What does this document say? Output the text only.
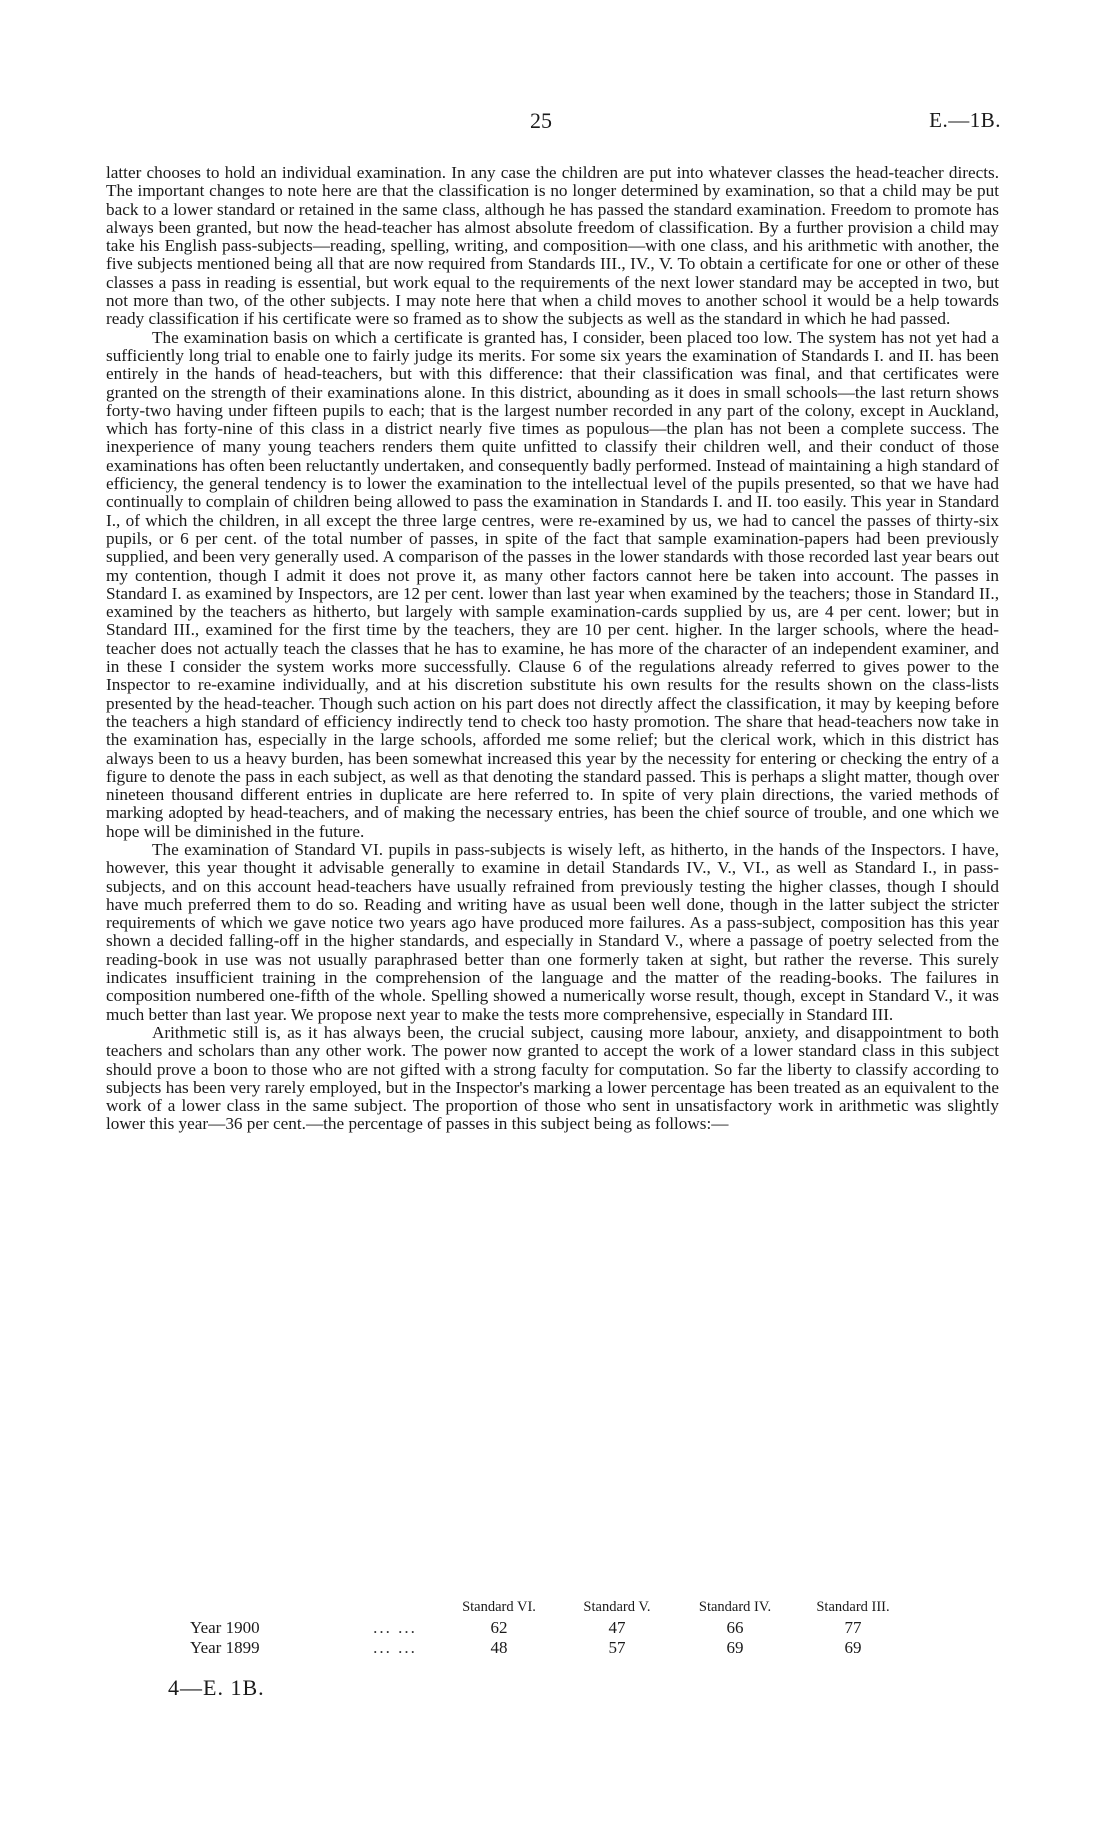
25	E.—1B.

latter chooses to hold an individual examination. In any case the children are put into whatever classes the head-teacher directs. The important changes to note here are that the classification is no longer determined by examination, so that a child may be put back to a lower standard or retained in the same class, although he has passed the standard examination. Freedom to promote has always been granted, but now the head-teacher has almost absolute freedom of classification. By a further provision a child may take his English pass-subjects—reading, spelling, writing, and composition—with one class, and his arithmetic with another, the five subjects mentioned being all that are now required from Standards III., IV., V. To obtain a certificate for one or other of these classes a pass in reading is essential, but work equal to the requirements of the next lower standard may be accepted in two, but not more than two, of the other subjects. I may note here that when a child moves to another school it would be a help towards ready classification if his certificate were so framed as to show the subjects as well as the standard in which he had passed.

The examination basis on which a certificate is granted has, I consider, been placed too low. The system has not yet had a sufficiently long trial to enable one to fairly judge its merits. For some six years the examination of Standards I. and II. has been entirely in the hands of head-teachers, but with this difference: that their classification was final, and that certificates were granted on the strength of their examinations alone. In this district, abounding as it does in small schools—the last return shows forty-two having under fifteen pupils to each; that is the largest number recorded in any part of the colony, except in Auckland, which has forty-nine of this class in a district nearly five times as populous—the plan has not been a complete success. The inexperience of many young teachers renders them quite unfitted to classify their children well, and their conduct of those examinations has often been reluctantly undertaken, and consequently badly performed. Instead of maintaining a high standard of efficiency, the general tendency is to lower the examination to the intellectual level of the pupils presented, so that we have had continually to complain of children being allowed to pass the examination in Standards I. and II. too easily. This year in Standard I., of which the children, in all except the three large centres, were re-examined by us, we had to cancel the passes of thirty-six pupils, or 6 per cent. of the total number of passes, in spite of the fact that sample examination-papers had been previously supplied, and been very generally used. A comparison of the passes in the lower standards with those recorded last year bears out my contention, though I admit it does not prove it, as many other factors cannot here be taken into account. The passes in Standard I. as examined by Inspectors, are 12 per cent. lower than last year when examined by the teachers; those in Standard II., examined by the teachers as hitherto, but largely with sample examination-cards supplied by us, are 4 per cent. lower; but in Standard III., examined for the first time by the teachers, they are 10 per cent. higher. In the larger schools, where the head-teacher does not actually teach the classes that he has to examine, he has more of the character of an independent examiner, and in these I consider the system works more successfully. Clause 6 of the regulations already referred to gives power to the Inspector to re-examine individually, and at his discretion substitute his own results for the results shown on the class-lists presented by the head-teacher. Though such action on his part does not directly affect the classification, it may by keeping before the teachers a high standard of efficiency indirectly tend to check too hasty promotion. The share that head-teachers now take in the examination has, especially in the large schools, afforded me some relief; but the clerical work, which in this district has always been to us a heavy burden, has been somewhat increased this year by the necessity for entering or checking the entry of a figure to denote the pass in each subject, as well as that denoting the standard passed. This is perhaps a slight matter, though over nineteen thousand different entries in duplicate are here referred to. In spite of very plain directions, the varied methods of marking adopted by head-teachers, and of making the necessary entries, has been the chief source of trouble, and one which we hope will be diminished in the future.

The examination of Standard VI. pupils in pass-subjects is wisely left, as hitherto, in the hands of the Inspectors. I have, however, this year thought it advisable generally to examine in detail Standards IV., V., VI., as well as Standard I., in pass-subjects, and on this account head-teachers have usually refrained from previously testing the higher classes, though I should have much preferred them to do so. Reading and writing have as usual been well done, though in the latter subject the stricter requirements of which we gave notice two years ago have produced more failures. As a pass-subject, composition has this year shown a decided falling-off in the higher standards, and especially in Standard V., where a passage of poetry selected from the reading-book in use was not usually paraphrased better than one formerly taken at sight, but rather the reverse. This surely indicates insufficient training in the comprehension of the language and the matter of the reading-books. The failures in composition numbered one-fifth of the whole. Spelling showed a numerically worse result, though, except in Standard V., it was much better than last year. We propose next year to make the tests more comprehensive, especially in Standard III.

Arithmetic still is, as it has always been, the crucial subject, causing more labour, anxiety, and disappointment to both teachers and scholars than any other work. The power now granted to accept the work of a lower standard class in this subject should prove a boon to those who are not gifted with a strong faculty for computation. So far the liberty to classify according to subjects has been very rarely employed, but in the Inspector's marking a lower percentage has been treated as an equivalent to the work of a lower class in the same subject. The proportion of those who sent in unsatisfactory work in arithmetic was slightly lower this year—36 per cent.—the percentage of passes in this subject being as follows:—

		Standard VI.	Standard V.	Standard IV.	Standard III.
Year 1900	... ...	62	47	66	77
Year 1899	... ...	48	57	69	69
4—E. 1B.
